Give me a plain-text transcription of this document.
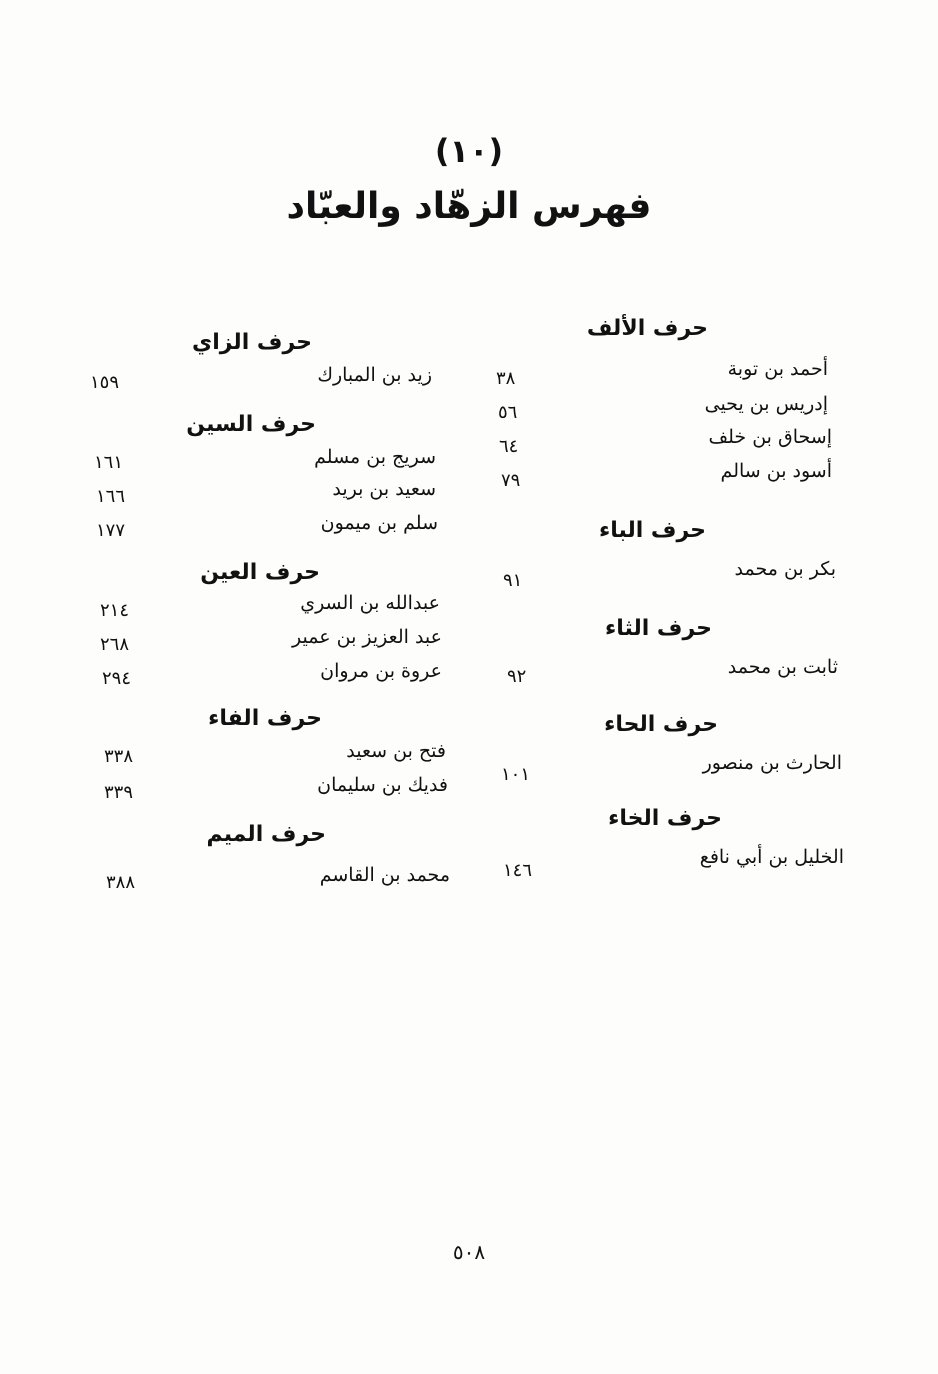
(١٠)
فهرس الزهّاد والعبّاد
حرف الألف
أحمد بن توبة
٣٨
إدريس بن يحيى
٥٦
إسحاق بن خلف
٦٤
أسود بن سالم
٧٩
حرف الباء
بكر بن محمد
٩١
حرف الثاء
ثابت بن محمد
٩٢
حرف الحاء
الحارث بن منصور
١٠١
حرف الخاء
الخليل بن أبي نافع
١٤٦
حرف الزاي
زيد بن المبارك
١٥٩
حرف السين
سريج بن مسلم
١٦١
سعيد بن بريد
١٦٦
سلم بن ميمون
١٧٧
حرف العين
عبدالله بن السري
٢١٤
عبد العزيز بن عمير
٢٦٨
عروة بن مروان
٢٩٤
حرف الفاء
فتح بن سعيد
٣٣٨
فديك بن سليمان
٣٣٩
حرف الميم
محمد بن القاسم
٣٨٨
٥٠٨
